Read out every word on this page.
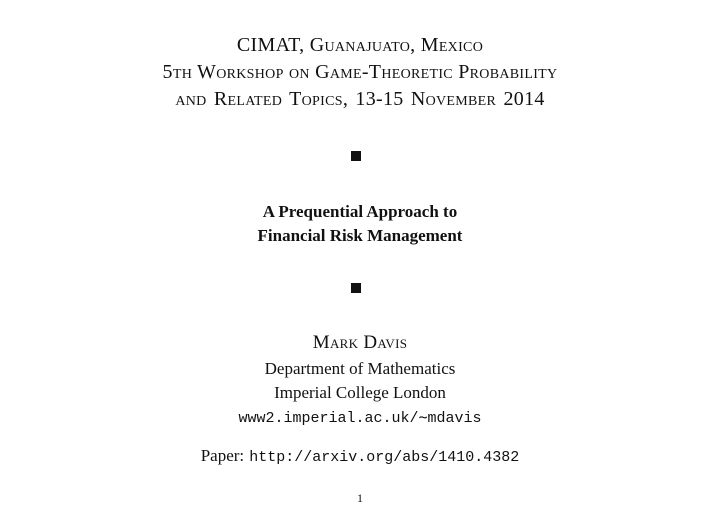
CIMAT, Guanajuato, Mexico
5th Workshop on Game-Theoretic Probability
and Related Topics, 13-15 November 2014
A Prequential Approach to
Financial Risk Management
Mark Davis
Department of Mathematics
Imperial College London
www2.imperial.ac.uk/∼mdavis
Paper: http://arxiv.org/abs/1410.4382
1
